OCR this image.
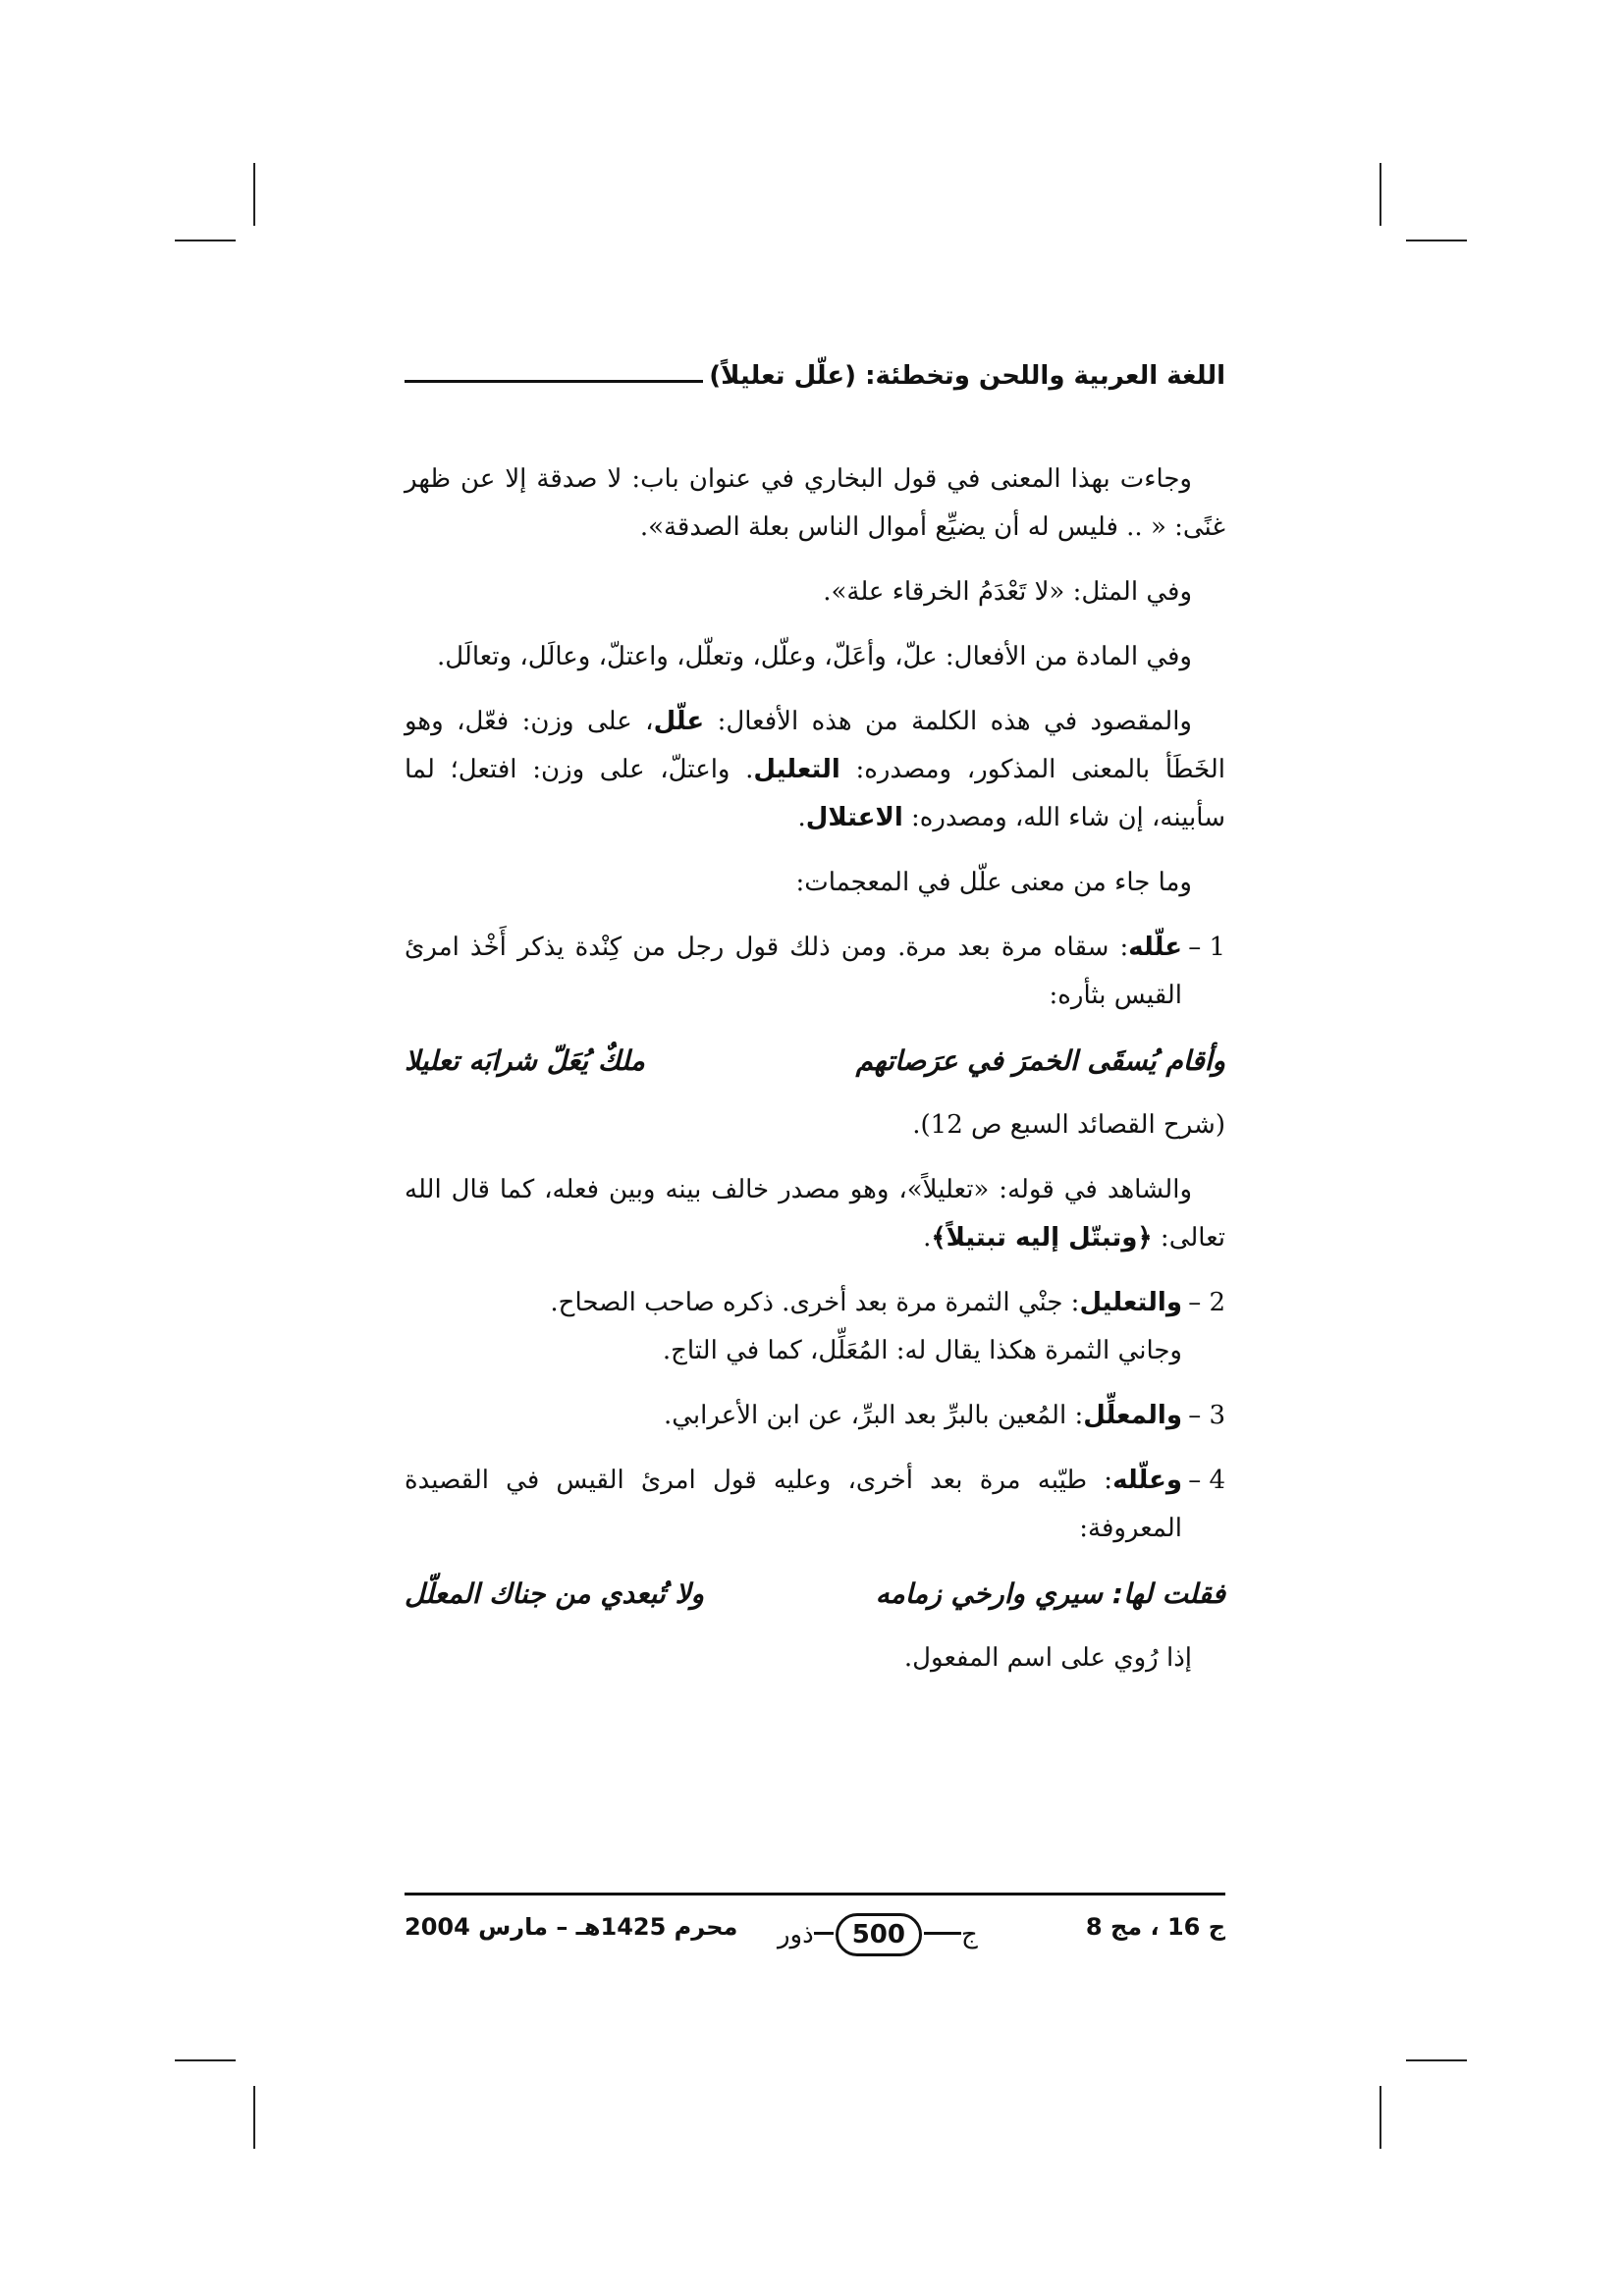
اللغة العربية واللحن وتخطئة: (علّل تعليلاً)

وجاءت بهذا المعنى في قول البخاري في عنوان باب: لا صدقة إلا عن ظهر غنًى: « .. فليس له أن يضيِّع أموال الناس بعلة الصدقة».

وفي المثل: «لا تَعْدَمُ الخرقاء علة».

وفي المادة من الأفعال: علّ، وأعَلّ، وعلّل، وتعلّل، واعتلّ، وعالَل، وتعالَل.

والمقصود في هذه الكلمة من هذه الأفعال: علّل، على وزن: فعّل، وهو الخَطَأ بالمعنى المذكور، ومصدره: التعليل. واعتلّ، على وزن: افتعل؛ لما سأبينه، إن شاء الله، ومصدره: الاعتلال.

وما جاء من معنى علّل في المعجمات:

1 –
علّله: سقاه مرة بعد مرة. ومن ذلك قول رجل من كِنْدة يذكر أَخْذ امرئ القيس بثأره:
وأقام يُسقَى الخمرَ في عرَصاتهم
ملكٌ يُعَلّ شرابَه تعليلا

(شرح القصائد السبع ص 12).

والشاهد في قوله: «تعليلاً»، وهو مصدر خالف بينه وبين فعله، كما قال الله تعالى: ﴿وتبتّل إليه تبتيلاً﴾.

2 –
والتعليل: جنْي الثمرة مرة بعد أخرى. ذكره صاحب الصحاح.
وجاني الثمرة هكذا يقال له: المُعَلِّل، كما في التاج.
3 –
والمعلِّل: المُعين بالبرِّ بعد البرِّ، عن ابن الأعرابي.
4 –
وعلّله: طيّبه مرة بعد أخرى، وعليه قول امرئ القيس في القصيدة المعروفة:
فقلت لها: سيري وارخي زمامه
ولا تُبعدي من جناك المعلّل

إذا رُوي على اسم المفعول.

ج 16 ، مج 8
ج
500
ذور
محرم 1425هـ – مارس 2004
